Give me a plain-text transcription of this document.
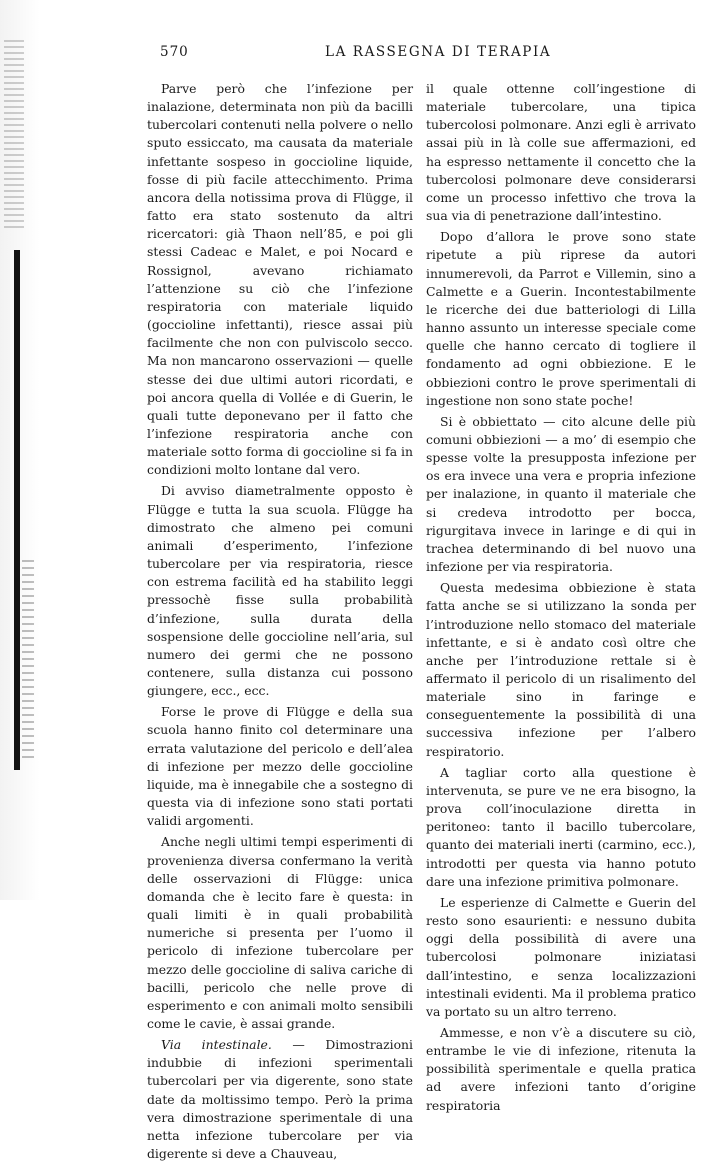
570	LA RASSEGNA DI TERAPIA

Parve però che l’infezione per inalazione, determinata non più da bacilli tubercolari contenuti nella polvere o nello sputo essiccato, ma causata da materiale infettante sospeso in goccioline liquide, fosse di più facile attecchimento. Prima ancora della notissima prova di Flügge, il fatto era stato sostenuto da altri ricercatori: già Thaon nell’85, e poi gli stessi Cadeac e Malet, e poi Nocard e Rossignol, avevano richiamato l’attenzione su ciò che l’infezione respiratoria con materiale liquido (goccioline infettanti), riesce assai più facilmente che non con pulviscolo secco. Ma non mancarono osservazioni — quelle stesse dei due ultimi autori ricordati, e poi ancora quella di Vollée e di Guerin, le quali tutte deponevano per il fatto che l’infezione respiratoria anche con materiale sotto forma di goccioline si fa in condizioni molto lontane dal vero.

Di avviso diametralmente opposto è Flügge e tutta la sua scuola. Flügge ha dimostrato che almeno pei comuni animali d’esperimento, l’infezione tubercolare per via respiratoria, riesce con estrema facilità ed ha stabilito leggi pressochè fisse sulla probabilità d’infezione, sulla durata della sospensione delle goccioline nell’aria, sul numero dei germi che ne possono contenere, sulla distanza cui possono giungere, ecc., ecc.

Forse le prove di Flügge e della sua scuola hanno finito col determinare una errata valutazione del pericolo e dell’alea di infezione per mezzo delle goccioline liquide, ma è innegabile che a sostegno di questa via di infezione sono stati portati validi argomenti.

Anche negli ultimi tempi esperimenti di provenienza diversa confermano la verità delle osservazioni di Flügge: unica domanda che è lecito fare è questa: in quali limiti è in quali probabilità numeriche si presenta per l’uomo il pericolo di infezione tubercolare per mezzo delle goccioline di saliva cariche di bacilli, pericolo che nelle prove di esperimento e con animali molto sensibili come le cavie, è assai grande.

Via intestinale. — Dimostrazioni indubbie di infezioni sperimentali tubercolari per via digerente, sono state date da moltissimo tempo. Però la prima vera dimostrazione sperimentale di una netta infezione tubercolare per via digerente si deve a Chauveau,

il quale ottenne coll’ingestione di materiale tubercolare, una tipica tubercolosi polmonare. Anzi egli è arrivato assai più in là colle sue affermazioni, ed ha espresso nettamente il concetto che la tubercolosi polmonare deve considerarsi come un processo infettivo che trova la sua via di penetrazione dall’intestino.

Dopo d’allora le prove sono state ripetute a più riprese da autori innumerevoli, da Parrot e Villemin, sino a Calmette e a Guerin. Incontestabilmente le ricerche dei due batteriologi di Lilla hanno assunto un interesse speciale come quelle che hanno cercato di togliere il fondamento ad ogni obbiezione. E le obbiezioni contro le prove sperimentali di ingestione non sono state poche!

Si è obbiettato — cito alcune delle più comuni obbiezioni — a mo’ di esempio che spesse volte la presupposta infezione per os era invece una vera e propria infezione per inalazione, in quanto il materiale che si credeva introdotto per bocca, rigurgitava invece in laringe e di qui in trachea determinando di bel nuovo una infezione per via respiratoria.

Questa medesima obbiezione è stata fatta anche se si utilizzano la sonda per l’introduzione nello stomaco del materiale infettante, e si è andato così oltre che anche per l’introduzione rettale si è affermato il pericolo di un risalimento del materiale sino in faringe e conseguentemente la possibilità di una successiva infezione per l’albero respiratorio.

A tagliar corto alla questione è intervenuta, se pure ve ne era bisogno, la prova coll’inoculazione diretta in peritoneo: tanto il bacillo tubercolare, quanto dei materiali inerti (carmino, ecc.), introdotti per questa via hanno potuto dare una infezione primitiva polmonare.

Le esperienze di Calmette e Guerin del resto sono esaurienti: e nessuno dubita oggi della possibilità di avere una tubercolosi polmonare iniziatasi dall’intestino, e senza localizzazioni intestinali evidenti. Ma il problema pratico va portato su un altro terreno.

Ammesse, e non v’è a discutere su ciò, entrambe le vie di infezione, ritenuta la possibilità sperimentale e quella pratica ad avere infezioni tanto d’origine respiratoria
